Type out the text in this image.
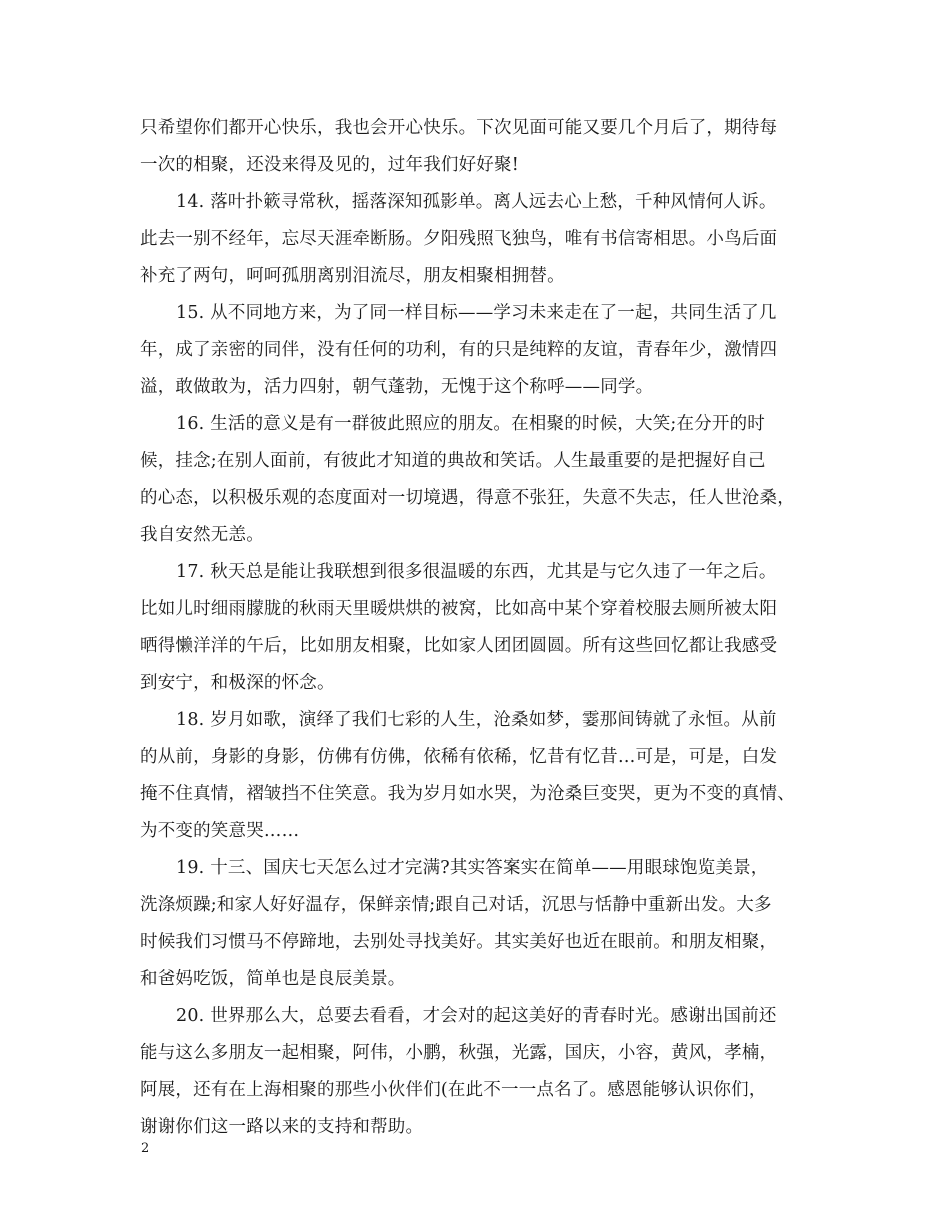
只希望你们都开心快乐，我也会开心快乐。下次见面可能又要几个月后了，期待每
一次的相聚，还没来得及见的，过年我们好好聚!
14. 落叶扑簌寻常秋，摇落深知孤影单。离人远去心上愁，千种风情何人诉。
此去一别不经年，忘尽天涯牵断肠。夕阳残照飞独鸟，唯有书信寄相思。小鸟后面
补充了两句，呵呵孤朋离别泪流尽，朋友相聚相拥替。
15. 从不同地方来，为了同一样目标——学习未来走在了一起，共同生活了几
年，成了亲密的同伴，没有任何的功利，有的只是纯粹的友谊，青春年少，激情四
溢，敢做敢为，活力四射，朝气蓬勃，无愧于这个称呼——同学。
16. 生活的意义是有一群彼此照应的朋友。在相聚的时候，大笑;在分开的时
候，挂念;在别人面前，有彼此才知道的典故和笑话。人生最重要的是把握好自己
的心态，以积极乐观的态度面对一切境遇，得意不张狂，失意不失志，任人世沧桑，
我自安然无恙。
17. 秋天总是能让我联想到很多很温暖的东西，尤其是与它久违了一年之后。
比如儿时细雨朦胧的秋雨天里暖烘烘的被窝，比如高中某个穿着校服去厕所被太阳
晒得懒洋洋的午后，比如朋友相聚，比如家人团团圆圆。所有这些回忆都让我感受
到安宁，和极深的怀念。
18. 岁月如歌，演绎了我们七彩的人生，沧桑如梦，霎那间铸就了永恒。从前
的从前，身影的身影，仿佛有仿佛，依稀有依稀，忆昔有忆昔…可是，可是，白发
掩不住真情，褶皱挡不住笑意。我为岁月如水哭，为沧桑巨变哭，更为不变的真情、
为不变的笑意哭……
19. 十三、国庆七天怎么过才完满?其实答案实在简单——用眼球饱览美景，
洗涤烦躁;和家人好好温存，保鲜亲情;跟自己对话，沉思与恬静中重新出发。大多
时候我们习惯马不停蹄地，去别处寻找美好。其实美好也近在眼前。和朋友相聚，
和爸妈吃饭，简单也是良辰美景。
20. 世界那么大，总要去看看，才会对的起这美好的青春时光。感谢出国前还
能与这么多朋友一起相聚，阿伟，小鹏，秋强，光露，国庆，小容，黄风，孝楠，
阿展，还有在上海相聚的那些小伙伴们(在此不一一点名了。感恩能够认识你们，
谢谢你们这一路以来的支持和帮助。
2
